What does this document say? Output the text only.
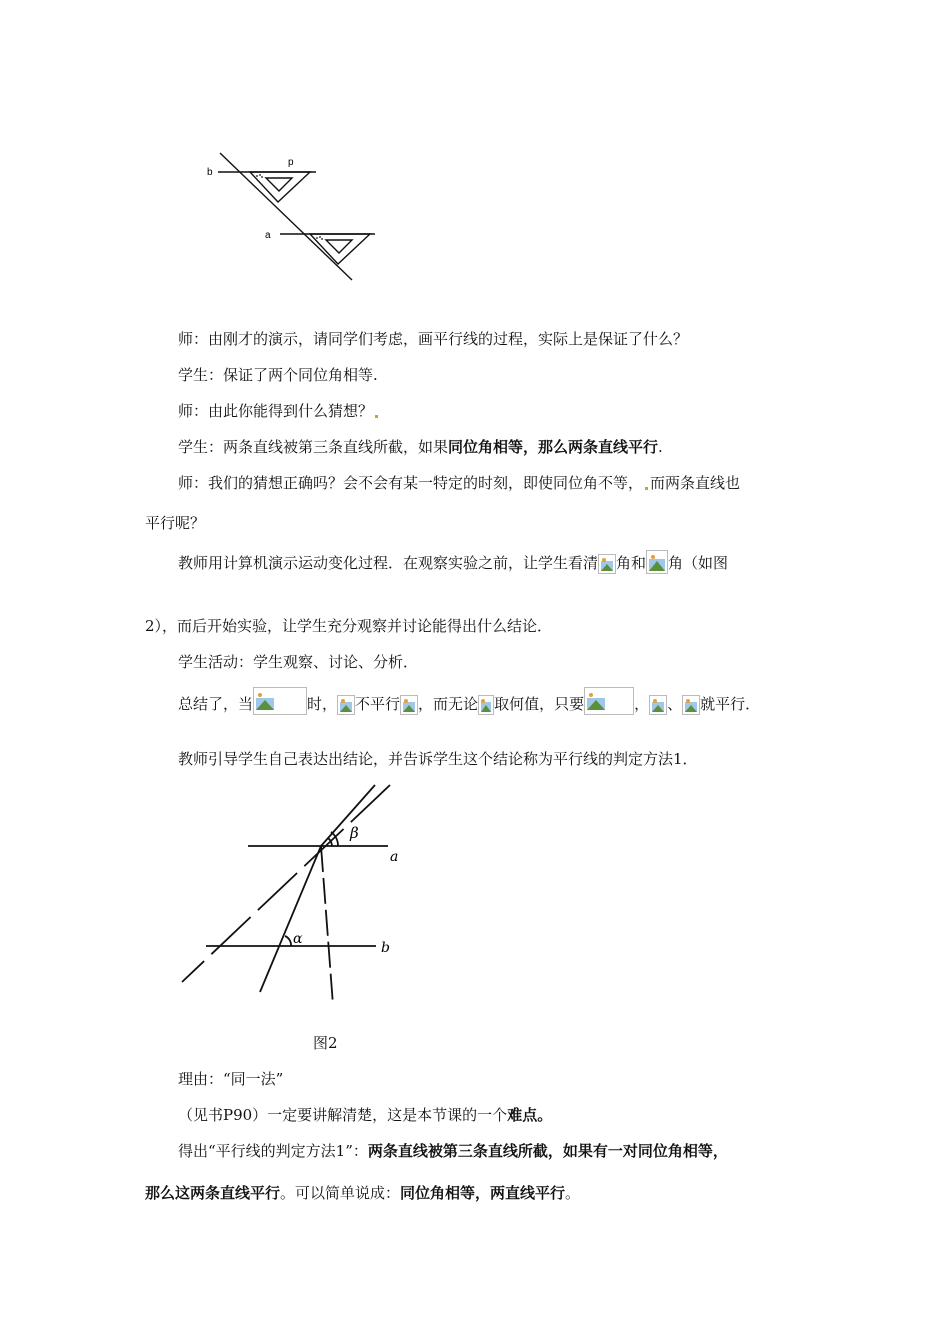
b
p
a
师：由刚才的演示，请同学们考虑，画平行线的过程，实际上是保证了什么？
学生：保证了两个同位角相等.
师：由此你能得到什么猜想？
学生：两条直线被第三条直线所截，如果同位角相等，那么两条直线平行.
师：我们的猜想正确吗？会不会有某一特定的时刻，即使同位角不等， 而两条直线也
平行呢？
教师用计算机演示运动变化过程．在观察实验之前，让学生看清 角和 角（如图
2），而后开始实验，让学生充分观察并讨论能得出什么结论．
学生活动：学生观察、讨论、分析．
总结了，当	时， 不平行 ，而无论 取何值，只要	， 、 就平行．
教师引导学生自己表达出结论，并告诉学生这个结论称为平行线的判定方法1．
β
a
α
b
图2
理由：“同一法”
（见书P90）一定要讲解清楚，这是本节课的一个难点。
得出“平行线的判定方法1”：两条直线被第三条直线所截，如果有一对同位角相等，
那么这两条直线平行。可以简单说成：同位角相等，两直线平行。
